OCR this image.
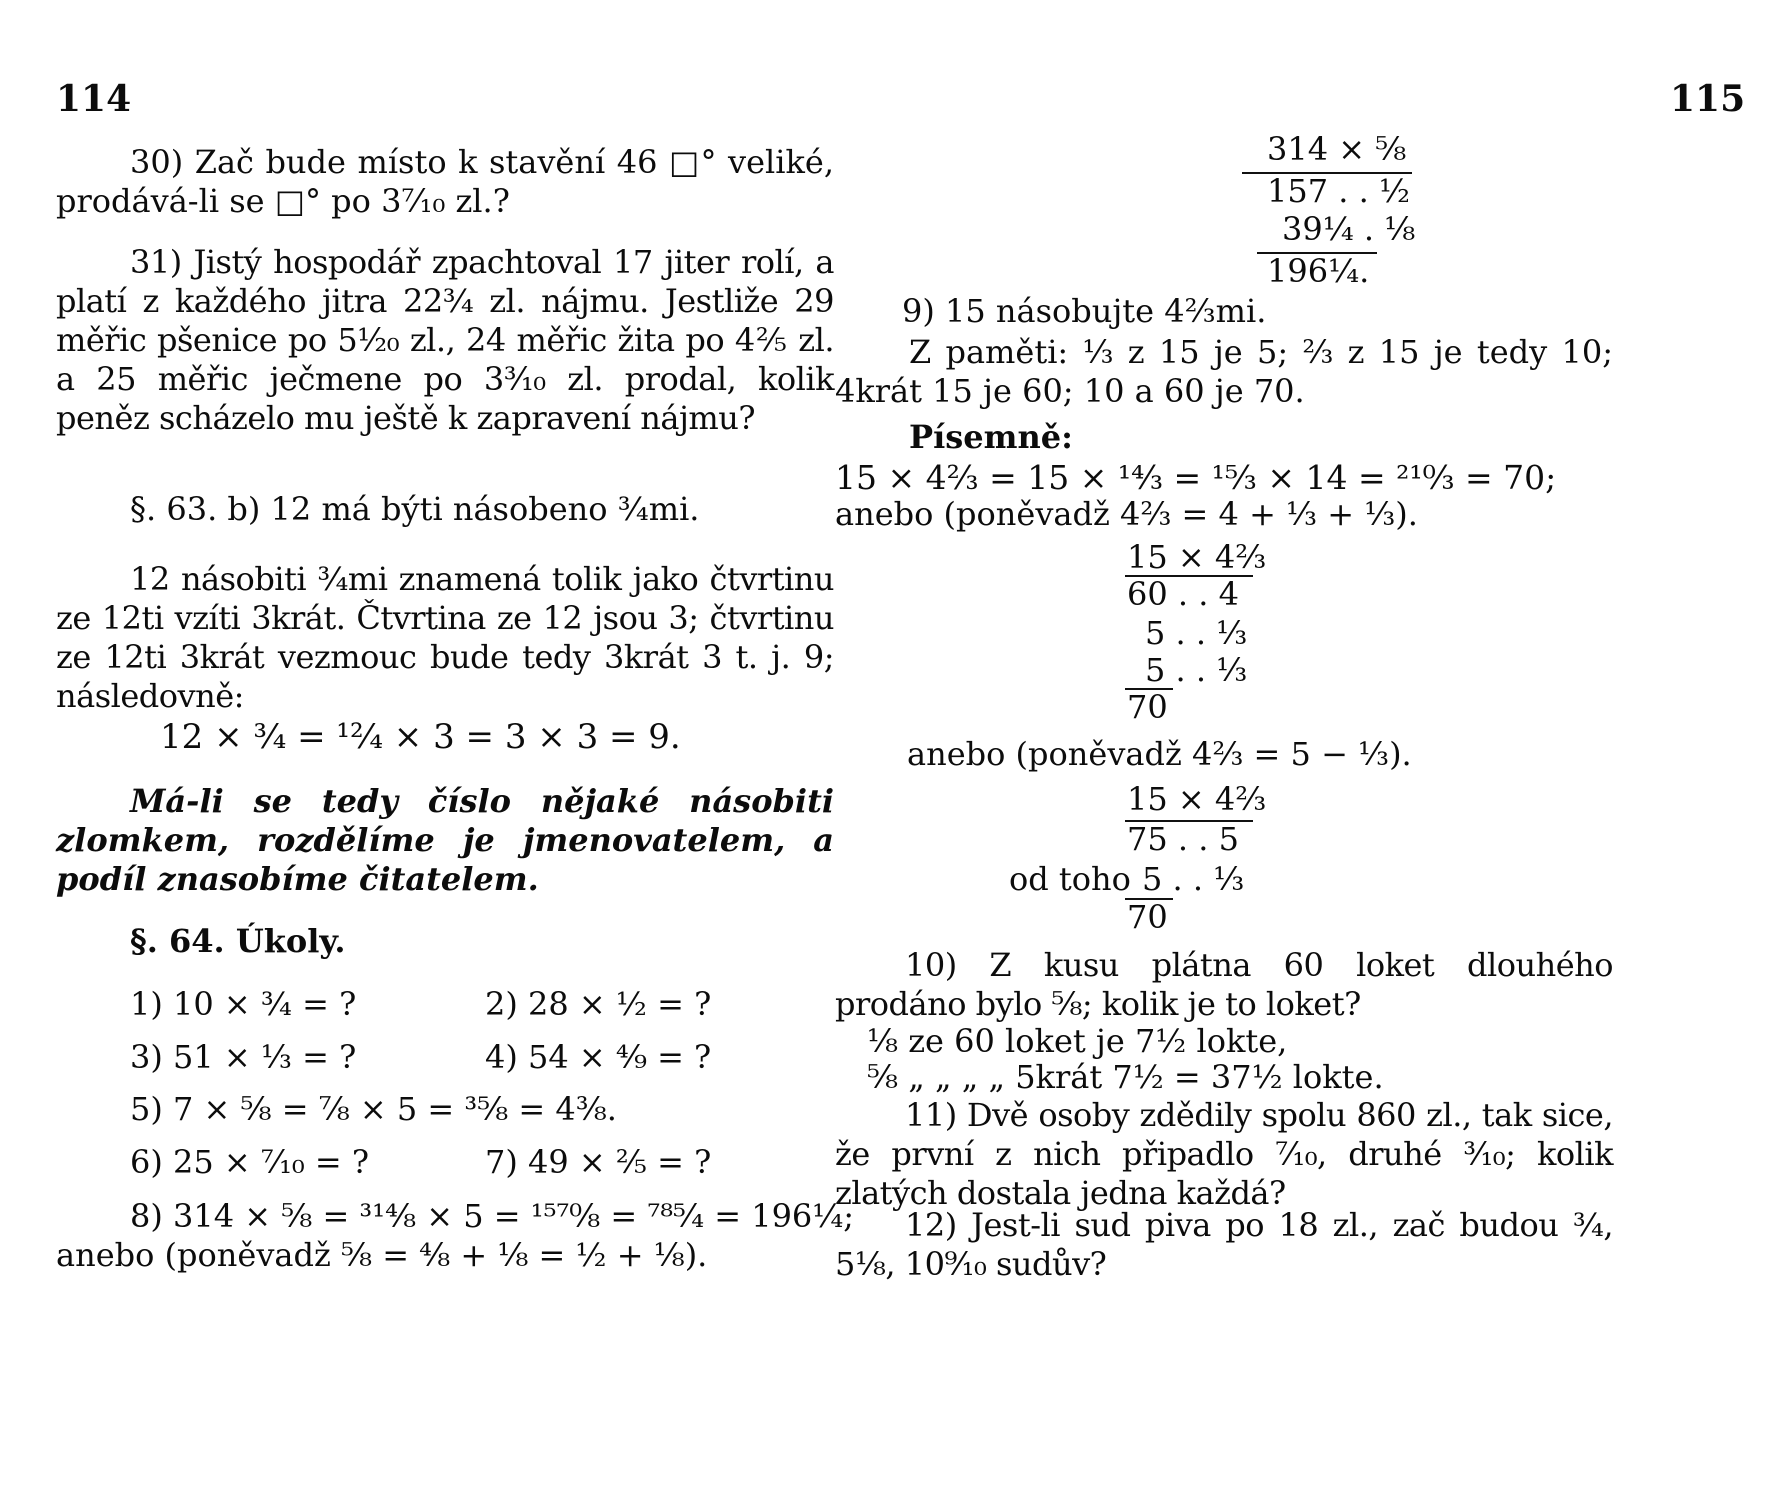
114
30) Zač bude místo k stavění 46 □° veliké, prodává-li se □° po 3⁷⁄₁₀ zl.?
31) Jistý hospodář zpachtoval 17 jiter rolí, a platí z každého jitra 22¾ zl. nájmu. Jestliže 29 měřic pšenice po 5¹⁄₂₀ zl., 24 měřic žita po 4⅖ zl. a 25 měřic ječmene po 3³⁄₁₀ zl. prodal, kolik peněz scházelo mu ještě k zapravení nájmu?
§. 63. b) 12 má býti násobeno ¾mi.
12 násobiti ¾mi znamená tolik jako čtvrtinu ze 12ti vzíti 3krát. Čtvrtina ze 12 jsou 3; čtvrtinu ze 12ti 3krát vezmouc bude tedy 3krát 3 t. j. 9; následovně:
12 × ¾ = ¹²⁄₄ × 3 = 3 × 3 = 9.
Má-li se tedy číslo nějaké násobiti zlomkem, rozdělíme je jmenovatelem, a podíl znasobíme čitatelem.
§. 64. Úkoly.
1) 10 × ¾ = ?	2) 28 × ½ = ?
3) 51 × ⅓ = ?	4) 54 × ⁴⁄₉ = ?
5) 7 × ⅝ = ⅞ × 5 = ³⁵⁄₈ = 4⅜.
6) 25 × ⁷⁄₁₀ = ?	7) 49 × ⅖ = ?
8) 314 × ⅝ = ³¹⁴⁄₈ × 5 = ¹⁵⁷⁰⁄₈ = ⁷⁸⁵⁄₄ = 196¼;
anebo (poněvadž ⅝ = ⁴⁄₈ + ⅛ = ½ + ⅛).
115
314 × ⅝
157 . . ½
39¼ . ⅛
196¼.
9) 15 násobujte 4⅔mi.
Z paměti: ⅓ z 15 je 5; ⅔ z 15 je tedy 10; 4krát 15 je 60; 10 a 60 je 70.
Písemně:
15 × 4⅔ = 15 × ¹⁴⁄₃ = ¹⁵⁄₃ × 14 = ²¹⁰⁄₃ = 70;
anebo (poněvadž 4⅔ = 4 + ⅓ + ⅓).
15 × 4⅔
60 . . 4
5 . . ⅓
5 . . ⅓
70
anebo (poněvadž 4⅔ = 5 − ⅓).
15 × 4⅔
75 . . 5
od toho 5 . . ⅓
70
10) Z kusu plátna 60 loket dlouhého prodáno bylo ⅝; kolik je to loket?
⅛ ze 60 loket je 7½ lokte,
⅝ „ „ „ „ 5krát 7½ = 37½ lokte.
11) Dvě osoby zdědily spolu 860 zl., tak sice, že první z nich připadlo ⁷⁄₁₀, druhé ³⁄₁₀; kolik zlatých dostala jedna každá?
12) Jest-li sud piva po 18 zl., zač budou ¾, 5⅛, 10⁹⁄₁₀ sudův?
